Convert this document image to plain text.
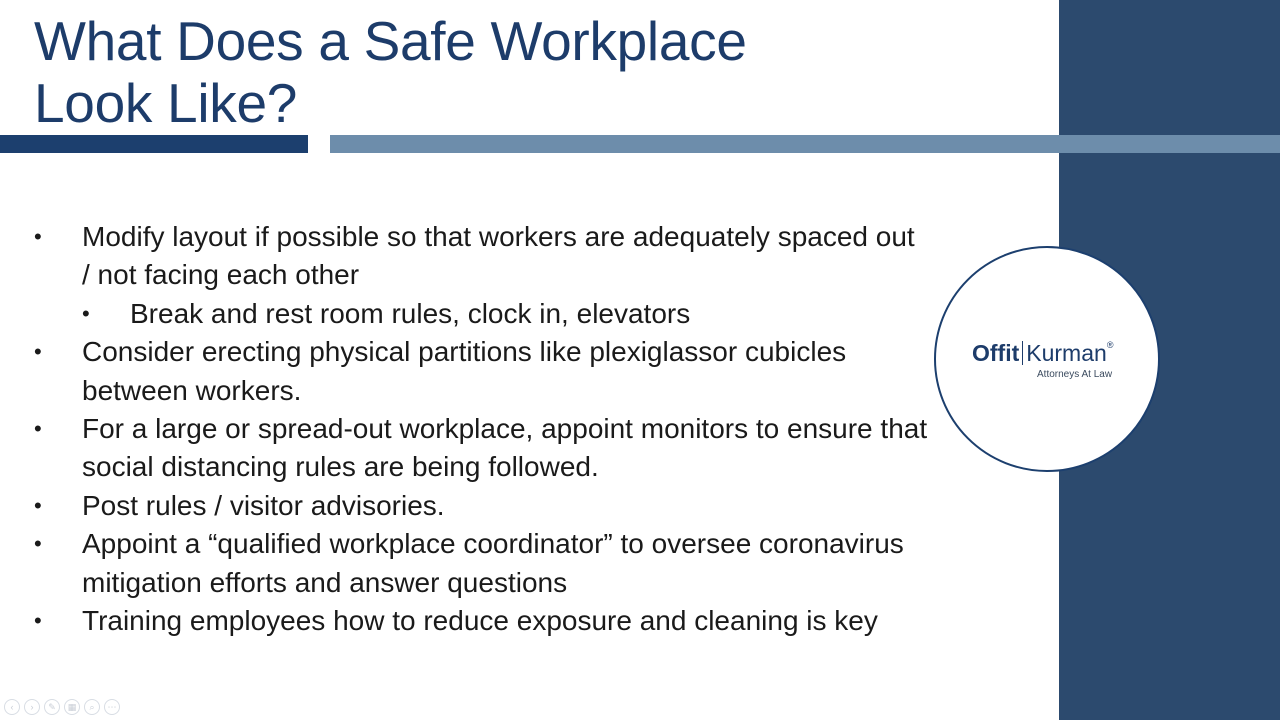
What Does a Safe Workplace
Look Like?
• Modify layout if possible so that workers are adequately spaced out / not facing each other
• Break and rest room rules, clock in, elevators
• Consider erecting physical partitions like plexiglassor cubicles between workers.
• For a large or spread-out workplace, appoint monitors to ensure that social distancing rules are being followed.
• Post rules / visitor advisories.
• Appoint a “qualified workplace coordinator” to oversee coronavirus mitigation efforts and answer questions
• Training employees how to reduce exposure and cleaning is key
Offit Kurman®
Attorneys At Law
‹	›	✎	▦	⌕	⋯
